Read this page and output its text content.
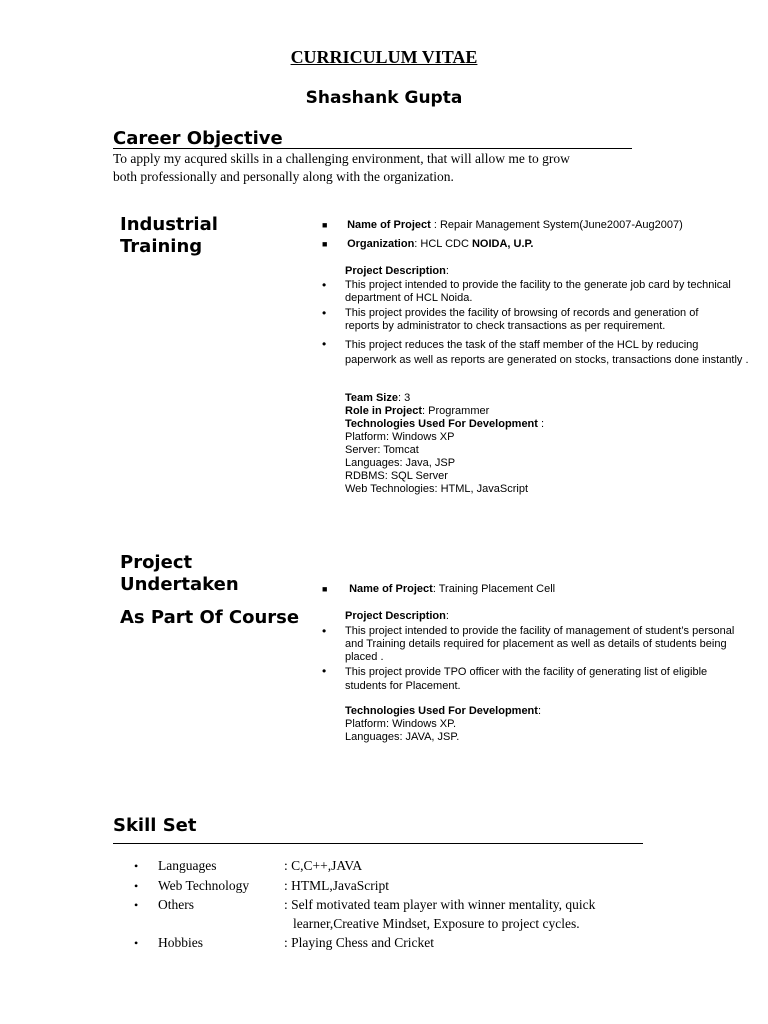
CURRICULUM VITAE
Shashank Gupta
Career Objective
To apply my acqured skills in a challenging environment, that will allow me to grow
both professionally and personally along with the organization.
Industrial
Training
■ Name of Project : Repair Management System(June2007-Aug2007)
■ Organization: HCL CDC NOIDA, U.P.
Project Description:
• This project intended to provide the facility to the generate job card by technical
department of HCL Noida.
• This project provides the facility of browsing of records and generation of
reports by administrator to check transactions as per requirement.
• This project reduces the task of the staff member of the HCL by reducing
paperwork as well as reports are generated on stocks, transactions done instantly .
Team Size: 3
Role in Project: Programmer
Technologies Used For Development :
Platform: Windows XP
Server: Tomcat
Languages: Java, JSP
RDBMS: SQL Server
Web Technologies: HTML, JavaScript
Project
Undertaken
As Part Of Course
■ Name of Project: Training Placement Cell
Project Description:
• This project intended to provide the facility of management of student’s personal
and Training details required for placement as well as details of students being
placed .
• This project provide TPO officer with the facility of generating list of eligible
students for Placement.
Technologies Used For Development:
Platform: Windows XP.
Languages: JAVA, JSP.
Skill Set
• Languages	: C,C++,JAVA
• Web Technology	: HTML,JavaScript
• Others	: Self motivated team player with winner mentality, quick
learner,Creative Mindset, Exposure to project cycles.
• Hobbies	: Playing Chess and Cricket
